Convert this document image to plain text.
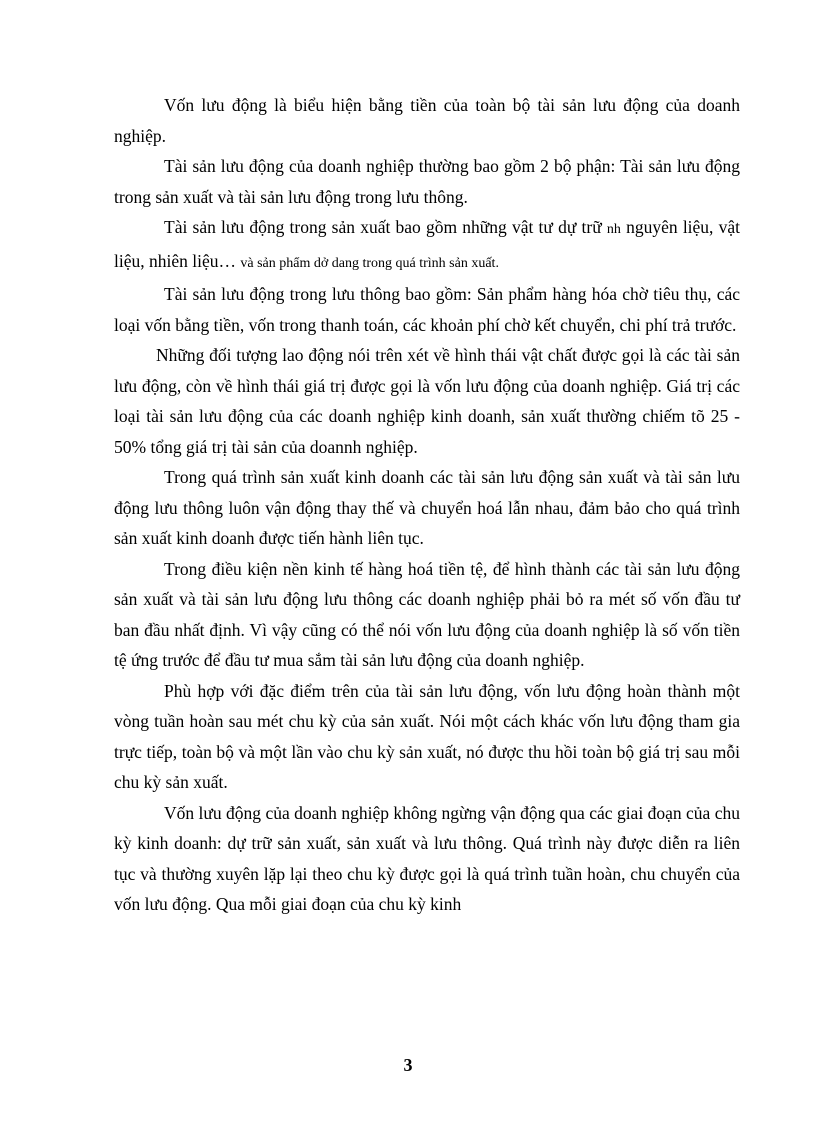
Vốn lưu động là biểu hiện bằng tiền của toàn bộ tài sản lưu động của doanh nghiệp.

Tài sản lưu động của doanh nghiệp thường bao gồm 2 bộ phận: Tài sản lưu động trong sản xuất và tài sản lưu động trong lưu thông.

Tài sản lưu động trong sản xuất bao gồm những vật tư dự trữ nh nguyên liệu, vật liệu, nhiên liệu… và sản phẩm dở dang trong quá trình sản xuất.

Tài sản lưu động trong lưu thông bao gồm: Sản phẩm hàng hóa chờ tiêu thụ, các loại vốn bằng tiền, vốn trong thanh toán, các khoản phí chờ kết chuyển, chi phí trả trước.

Những đối tượng lao động nói trên xét về hình thái vật chất được gọi là các tài sản lưu động, còn về hình thái giá trị được gọi là vốn lưu động của doanh nghiệp. Giá trị các loại tài sản lưu động của các doanh nghiệp kinh doanh, sản xuất thường chiếm tõ 25 - 50% tổng giá trị tài sản của doannh nghiệp.

Trong quá trình sản xuất kinh doanh các tài sản lưu động sản xuất và tài sản lưu động lưu thông luôn vận động thay thế và chuyển hoá lẫn nhau, đảm bảo cho quá trình sản xuất kinh doanh được tiến hành liên tục.

Trong điều kiện nền kinh tế hàng hoá tiền tệ, để hình thành các tài sản lưu động sản xuất và tài sản lưu động lưu thông các doanh nghiệp phải bỏ ra mét số vốn đầu tư ban đầu nhất định. Vì vậy cũng có thể nói vốn lưu động của doanh nghiệp là số vốn tiền tệ ứng trước để đầu tư mua sắm tài sản lưu động của doanh nghiệp.

Phù hợp với đặc điểm trên của tài sản lưu động, vốn lưu động hoàn thành một vòng tuần hoàn sau mét chu kỳ của sản xuất. Nói một cách khác vốn lưu động tham gia trực tiếp, toàn bộ và một lần vào chu kỳ sản xuất, nó được thu hồi toàn bộ giá trị sau mỗi chu kỳ sản xuất.

Vốn lưu động của doanh nghiệp không ngừng vận động qua các giai đoạn của chu kỳ kinh doanh: dự trữ sản xuất, sản xuất và lưu thông. Quá trình này được diễn ra liên tục và thường xuyên lặp lại theo chu kỳ được gọi là quá trình tuần hoàn, chu chuyển của vốn lưu động. Qua mỗi giai đoạn của chu kỳ kinh

3
